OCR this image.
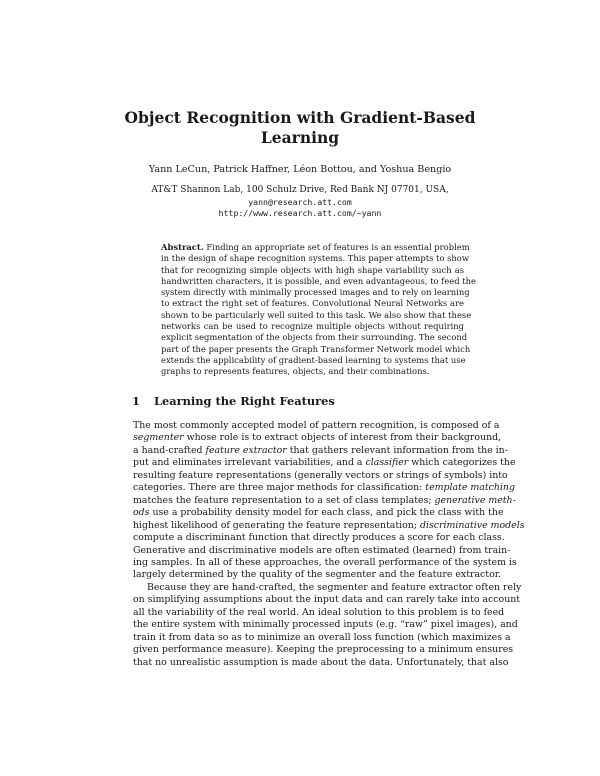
Object Recognition with Gradient-Based
Learning
Yann LeCun, Patrick Haffner, Léon Bottou, and Yoshua Bengio
AT&T Shannon Lab, 100 Schulz Drive, Red Bank NJ 07701, USA,
yann@research.att.com
http://www.research.att.com/~yann
Abstract. Finding an appropriate set of features is an essential problem
in the design of shape recognition systems. This paper attempts to show
that for recognizing simple objects with high shape variability such as
handwritten characters, it is possible, and even advantageous, to feed the
system directly with minimally processed images and to rely on learning
to extract the right set of features. Convolutional Neural Networks are
shown to be particularly well suited to this task. We also show that these
networks can be used to recognize multiple objects without requiring
explicit segmentation of the objects from their surrounding. The second
part of the paper presents the Graph Transformer Network model which
extends the applicability of gradient-based learning to systems that use
graphs to represents features, objects, and their combinations.
1 Learning the Right Features
The most commonly accepted model of pattern recognition, is composed of a
segmenter whose role is to extract objects of interest from their background,
a hand-crafted feature extractor that gathers relevant information from the in-
put and eliminates irrelevant variabilities, and a classifier which categorizes the
resulting feature representations (generally vectors or strings of symbols) into
categories. There are three major methods for classification: template matching
matches the feature representation to a set of class templates; generative meth-
ods use a probability density model for each class, and pick the class with the
highest likelihood of generating the feature representation; discriminative models
compute a discriminant function that directly produces a score for each class.
Generative and discriminative models are often estimated (learned) from train-
ing samples. In all of these approaches, the overall performance of the system is
largely determined by the quality of the segmenter and the feature extractor.
Because they are hand-crafted, the segmenter and feature extractor often rely
on simplifying assumptions about the input data and can rarely take into account
all the variability of the real world. An ideal solution to this problem is to feed
the entire system with minimally processed inputs (e.g. “raw” pixel images), and
train it from data so as to minimize an overall loss function (which maximizes a
given performance measure). Keeping the preprocessing to a minimum ensures
that no unrealistic assumption is made about the data. Unfortunately, that also
